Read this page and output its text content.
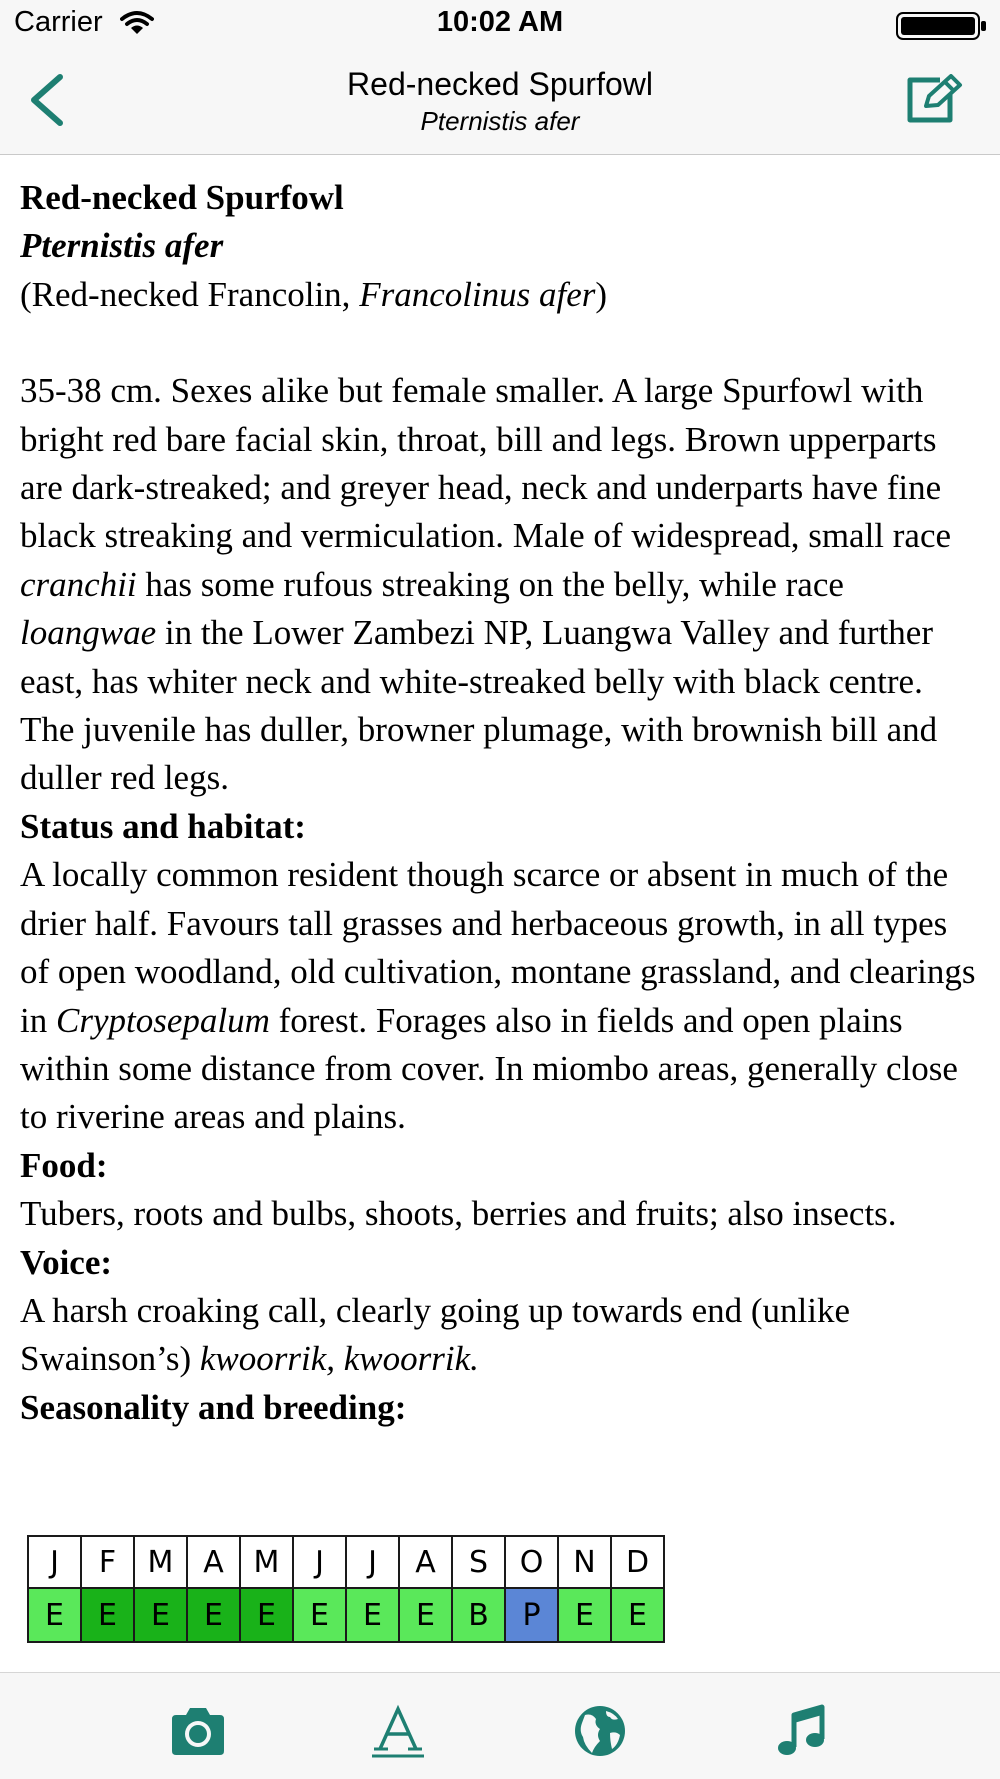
Carrier	10:02 AM
Red-necked Spurfowl
Pternistis afer

Red-necked Spurfowl

Pternistis afer

(Red-necked Francolin, Francolinus afer)

35-38 cm. Sexes alike but female smaller. A large Spurfowl with bright red bare facial skin, throat, bill and legs. Brown upperparts are dark-streaked; and greyer head, neck and underparts have fine black streaking and vermiculation. Male of widespread, small race cranchii has some rufous streaking on the belly, while race loangwae in the Lower Zambezi NP, Luangwa Valley and further east, has whiter neck and white-streaked belly with black centre. The juvenile has duller, browner plumage, with brownish bill and duller red legs.

Status and habitat:

A locally common resident though scarce or absent in much of the drier half. Favours tall grasses and herbaceous growth, in all types of open woodland, old cultivation, montane grassland, and clearings in Cryptosepalum forest. Forages also in fields and open plains within some distance from cover. In miombo areas, generally close to riverine areas and plains.

Food:

Tubers, roots and bulbs, shoots, berries and fruits; also insects.

Voice:

A harsh croaking call, clearly going up towards end (unlike Swainson’s) kwoorrik, kwoorrik.

Seasonality and breeding:

J	F	M	A	M	J	J	A	S	O	N	D
E	E	E	E	E	E	E	E	B	P	E	E
